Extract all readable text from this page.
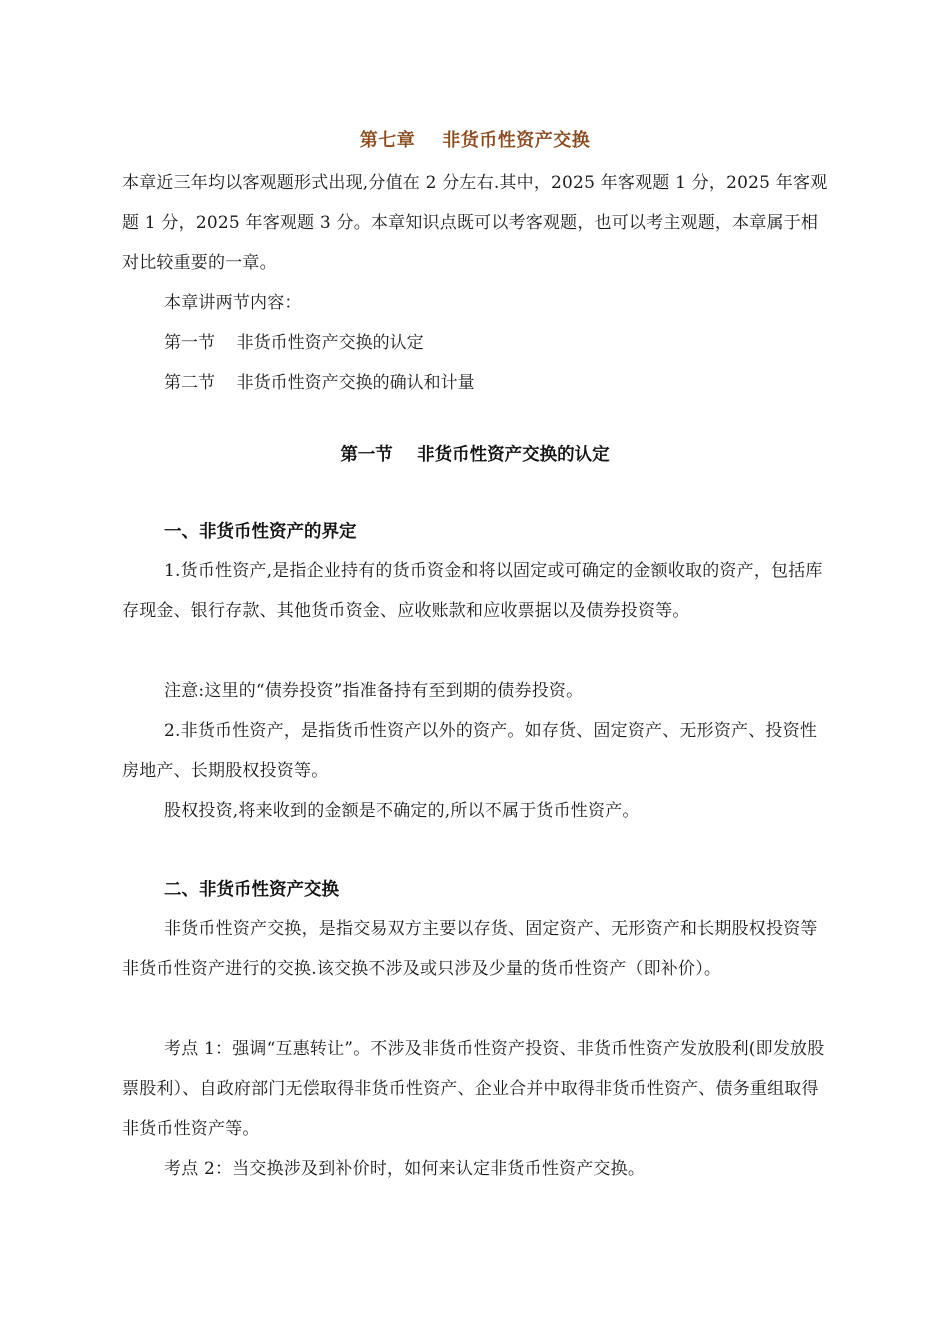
第七章    非货币性资产交换
本章近三年均以客观题形式出现,分值在 2 分左右.其中，2025 年客观题 1 分，2025 年客观题 1 分，2025 年客观题 3 分。本章知识点既可以考客观题，也可以考主观题，本章属于相对比较重要的一章。
本章讲两节内容：
第一节    非货币性资产交换的认定
第二节    非货币性资产交换的确认和计量
第一节    非货币性资产交换的认定
一、非货币性资产的界定
1.货币性资产,是指企业持有的货币资金和将以固定或可确定的金额收取的资产，包括库存现金、银行存款、其他货币资金、应收账款和应收票据以及债券投资等。
注意:这里的“债券投资”指准备持有至到期的债券投资。
2.非货币性资产，是指货币性资产以外的资产。如存货、固定资产、无形资产、投资性房地产、长期股权投资等。
股权投资,将来收到的金额是不确定的,所以不属于货币性资产。
二、非货币性资产交换
非货币性资产交换，是指交易双方主要以存货、固定资产、无形资产和长期股权投资等非货币性资产进行的交换.该交换不涉及或只涉及少量的货币性资产（即补价）。
考点 1：强调“互惠转让”。不涉及非货币性资产投资、非货币性资产发放股利(即发放股票股利）、自政府部门无偿取得非货币性资产、企业合并中取得非货币性资产、债务重组取得非货币性资产等。
考点 2：当交换涉及到补价时，如何来认定非货币性资产交换。
